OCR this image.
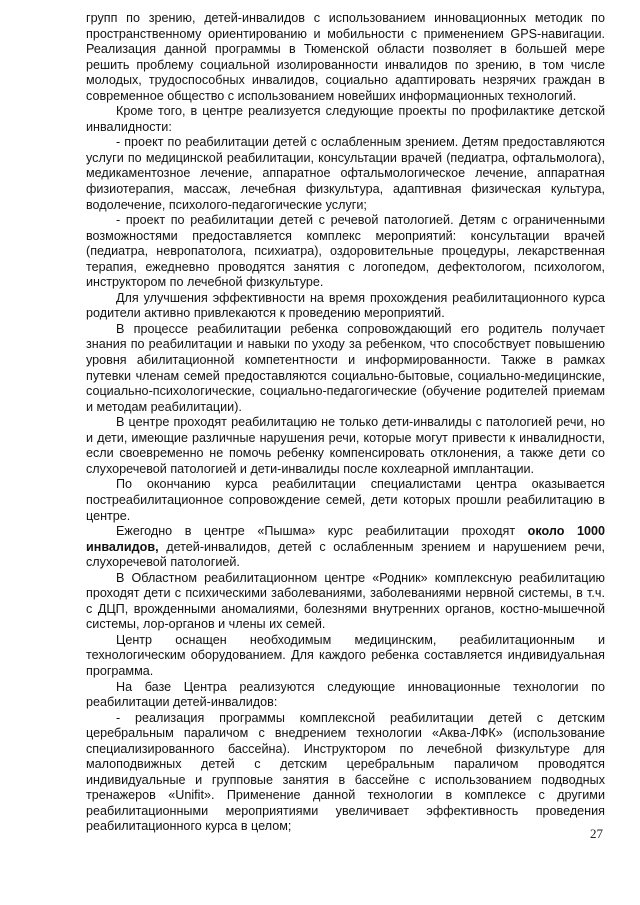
групп по зрению, детей-инвалидов с использованием инновационных методик по пространственному ориентированию и мобильности с применением GPS-навигации. Реализация данной программы в Тюменской области позволяет в большей мере решить проблему социальной изолированности инвалидов по зрению, в том числе молодых, трудоспособных инвалидов, социально адаптировать незрячих граждан в современное общество с использованием новейших информационных технологий.

Кроме того, в центре реализуется следующие проекты по профилактике детской инвалидности:

- проект по реабилитации детей с ослабленным зрением. Детям предоставляются услуги по медицинской реабилитации, консультации врачей (педиатра, офтальмолога), медикаментозное лечение, аппаратное офтальмологическое лечение, аппаратная физиотерапия, массаж, лечебная физкультура, адаптивная физическая культура, водолечение, психолого-педагогические услуги;

- проект по реабилитации детей с речевой патологией. Детям с ограниченными возможностями предоставляется комплекс мероприятий: консультации врачей (педиатра, невропатолога, психиатра), оздоровительные процедуры, лекарственная терапия, ежедневно проводятся занятия с логопедом, дефектологом, психологом, инструктором по лечебной физкультуре.

Для улучшения эффективности на время прохождения реабилитационного курса родители активно привлекаются к проведению мероприятий.

В процессе реабилитации ребенка сопровождающий его родитель получает знания по реабилитации и навыки по уходу за ребенком, что способствует повышению уровня абилитационной компетентности и информированности. Также в рамках путевки членам семей предоставляются социально-бытовые, социально-медицинские, социально-психологические, социально-педагогические (обучение родителей приемам и методам реабилитации).

В центре проходят реабилитацию не только дети-инвалиды с патологией речи, но и дети, имеющие различные нарушения речи, которые могут привести к инвалидности, если своевременно не помочь ребенку компенсировать отклонения, а также дети со слухоречевой патологией и дети-инвалиды после кохлеарной имплантации.

По окончанию курса реабилитации специалистами центра оказывается постреабилитационное сопровождение семей, дети которых прошли реабилитацию в центре.

Ежегодно в центре «Пышма» курс реабилитации проходят около 1000 инвалидов, детей-инвалидов, детей с ослабленным зрением и нарушением речи, слухоречевой патологией.

В Областном реабилитационном центре «Родник» комплексную реабилитацию проходят дети с психическими заболеваниями, заболеваниями нервной системы, в т.ч. с ДЦП, врожденными аномалиями, болезнями внутренних органов, костно-мышечной системы, лор-органов и члены их семей.

Центр оснащен необходимым медицинским, реабилитационным и технологическим оборудованием. Для каждого ребенка составляется индивидуальная программа.

На базе Центра реализуются следующие инновационные технологии по реабилитации детей-инвалидов:

- реализация программы комплексной реабилитации детей с детским церебральным параличом с внедрением технологии «Аква-ЛФК» (использование специализированного бассейна). Инструктором по лечебной физкультуре для малоподвижных детей с детским церебральным параличом проводятся индивидуальные и групповые занятия в бассейне с использованием подводных тренажеров «Unifit». Применение данной технологии в комплексе с другими реабилитационными мероприятиями увеличивает эффективность проведения реабилитационного курса в целом;	27
